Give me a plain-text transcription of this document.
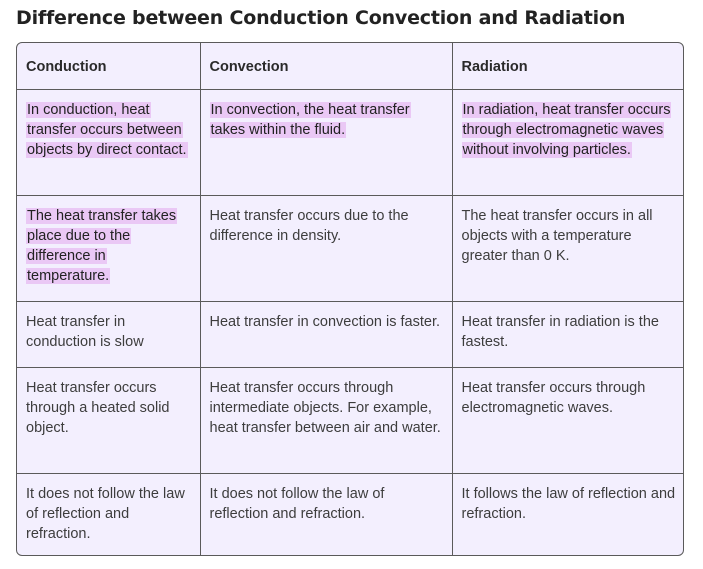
Difference between Conduction Convection and Radiation
Conduction	Convection	Radiation
In conduction, heat transfer occurs between objects by direct contact.	In convection, the heat transfer takes within the fluid.	In radiation, heat transfer occurs through electromagnetic waves without involving particles.
The heat transfer takes place due to the difference in temperature.	Heat transfer occurs due to the difference in density.	The heat transfer occurs in all objects with a temperature greater than 0 K.
Heat transfer in conduction is slow	Heat transfer in convection is faster.	Heat transfer in radiation is the fastest.
Heat transfer occurs through a heated solid object.	Heat transfer occurs through intermediate objects. For example, heat transfer between air and water.	Heat transfer occurs through electromagnetic waves.
It does not follow the law of reflection and refraction.	It does not follow the law of reflection and refraction.	It follows the law of reflection and refraction.
